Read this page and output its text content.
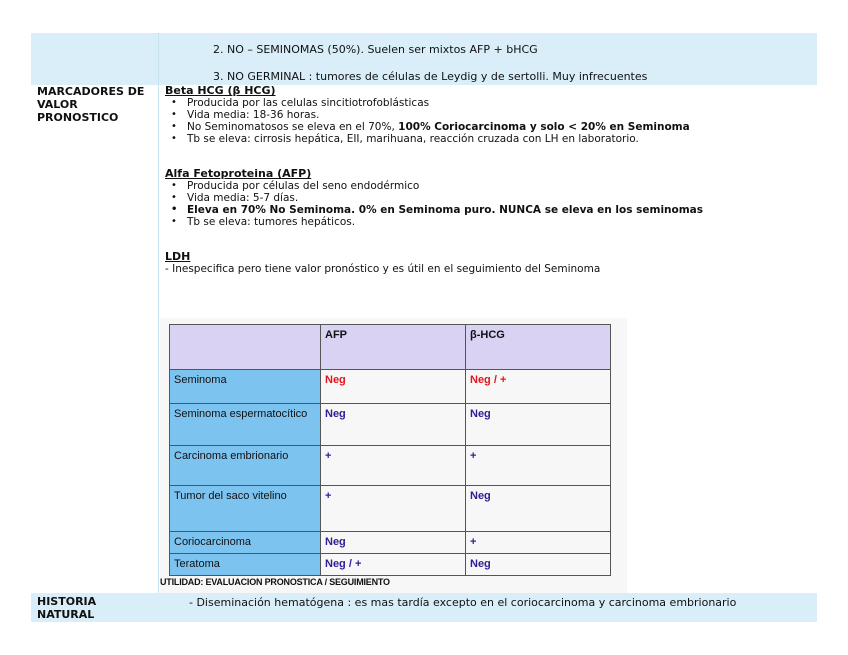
2. NO – SEMINOMAS (50%). Suelen ser mixtos AFP + bHCG
3. NO GERMINAL : tumores de células de Leydig y de sertolli. Muy infrecuentes
MARCADORES DE
VALOR
PRONOSTICO
Beta HCG (β HCG)
• Producida por las celulas sincitiotrofoblásticas
• Vida media: 18-36 horas.
• No Seminomatosos se eleva en el 70%, 100% Coriocarcinoma y solo < 20% en Seminoma
• Tb se eleva: cirrosis hepática, EII, marihuana, reacción cruzada con LH en laboratorio.
Alfa Fetoproteina (AFP)
• Producida por células del seno endodérmico
• Vida media: 5-7 días.
• Eleva en 70% No Seminoma. 0% en Seminoma puro. NUNCA se eleva en los seminomas
• Tb se eleva: tumores hepáticos.
LDH
- Inespecifica pero tiene valor pronóstico y es útil en el seguimiento del Seminoma
	AFP	β-HCG
Seminoma	Neg	Neg / +
Seminoma espermatocítico	Neg	Neg
Carcinoma embrionario	+	+
Tumor del saco vitelino	+	Neg
Coriocarcinoma	Neg	+
Teratoma	Neg / +	Neg
UTILIDAD: EVALUACION PRONOSTICA / SEGUIMIENTO
- Diseminación hematógena : es mas tardía excepto en el coriocarcinoma y carcinoma embrionario
HISTORIA
NATURAL
